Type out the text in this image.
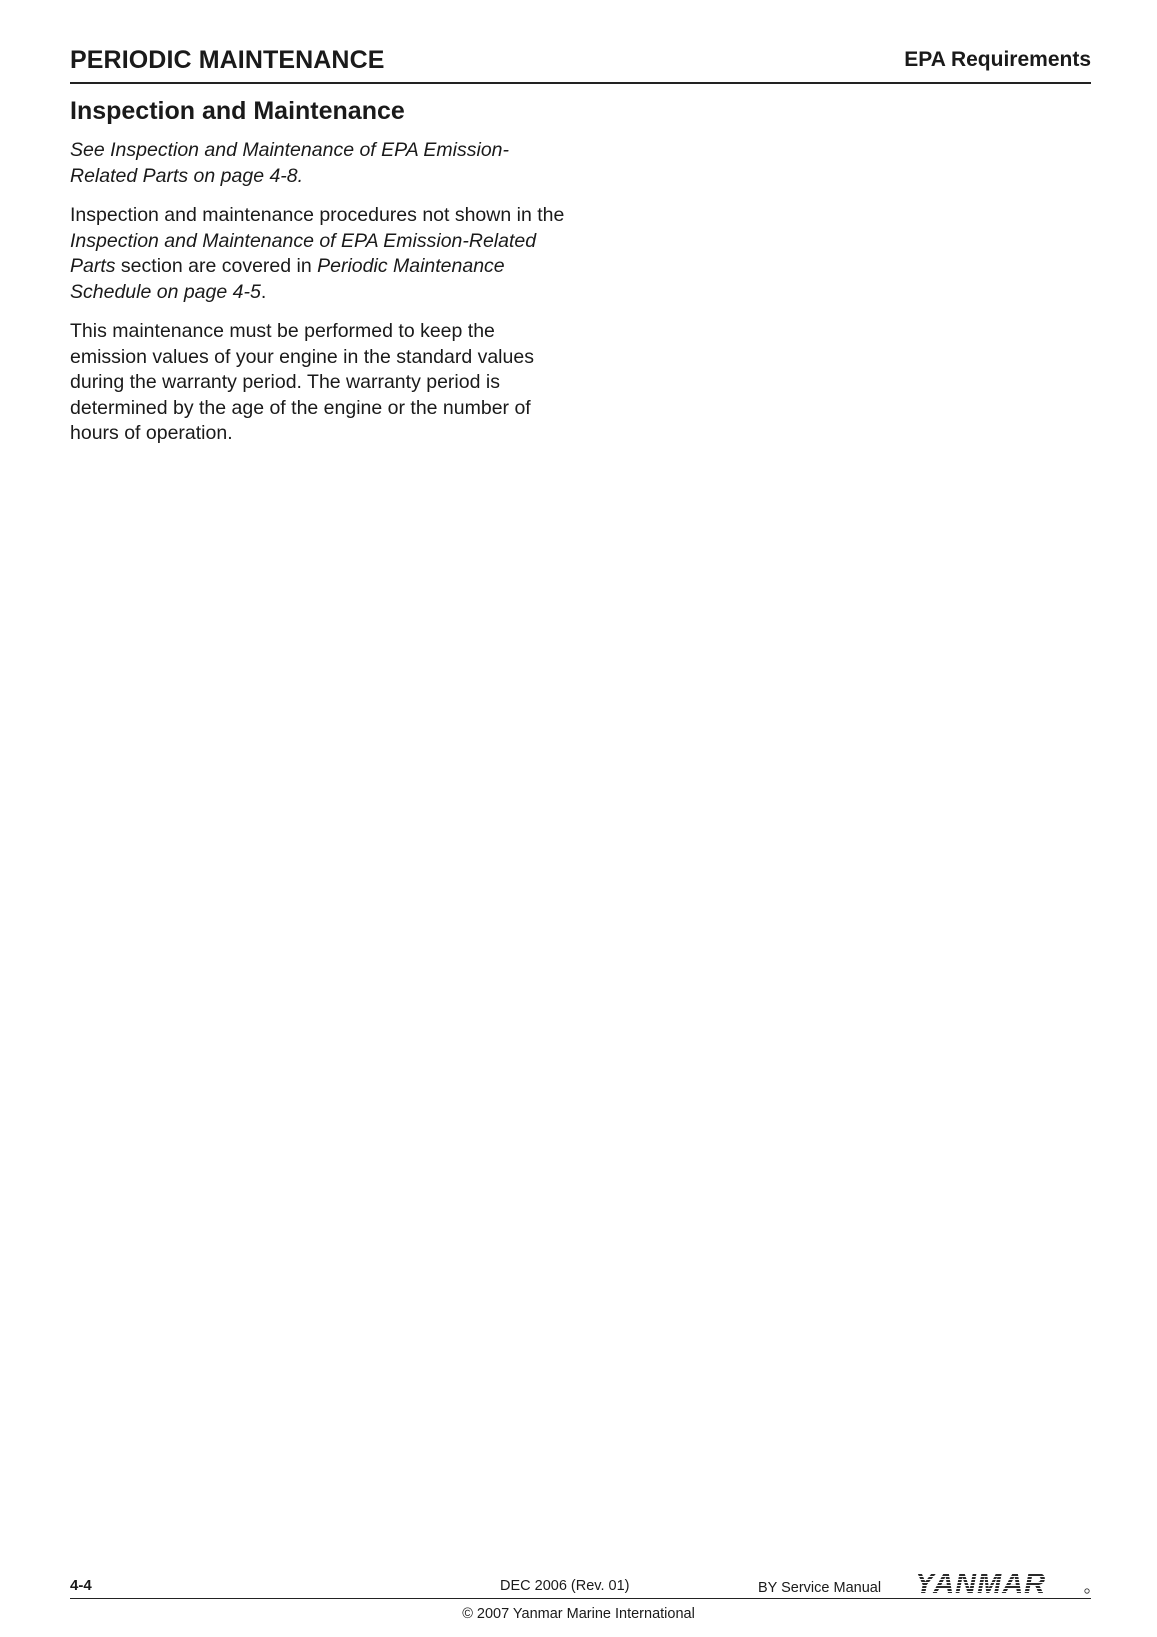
PERIODIC MAINTENANCE	EPA Requirements
Inspection and Maintenance

See Inspection and Maintenance of EPA Emission-Related Parts on page 4-8.

Inspection and maintenance procedures not shown in the Inspection and Maintenance of EPA Emission-Related Parts section are covered in Periodic Maintenance Schedule on page 4-5.

This maintenance must be performed to keep the emission values of your engine in the standard values during the warranty period. The warranty period is determined by the age of the engine or the number of hours of operation.

4-4	DEC 2006 (Rev. 01)	BY Service Manual YANMAR
© 2007 Yanmar Marine International
